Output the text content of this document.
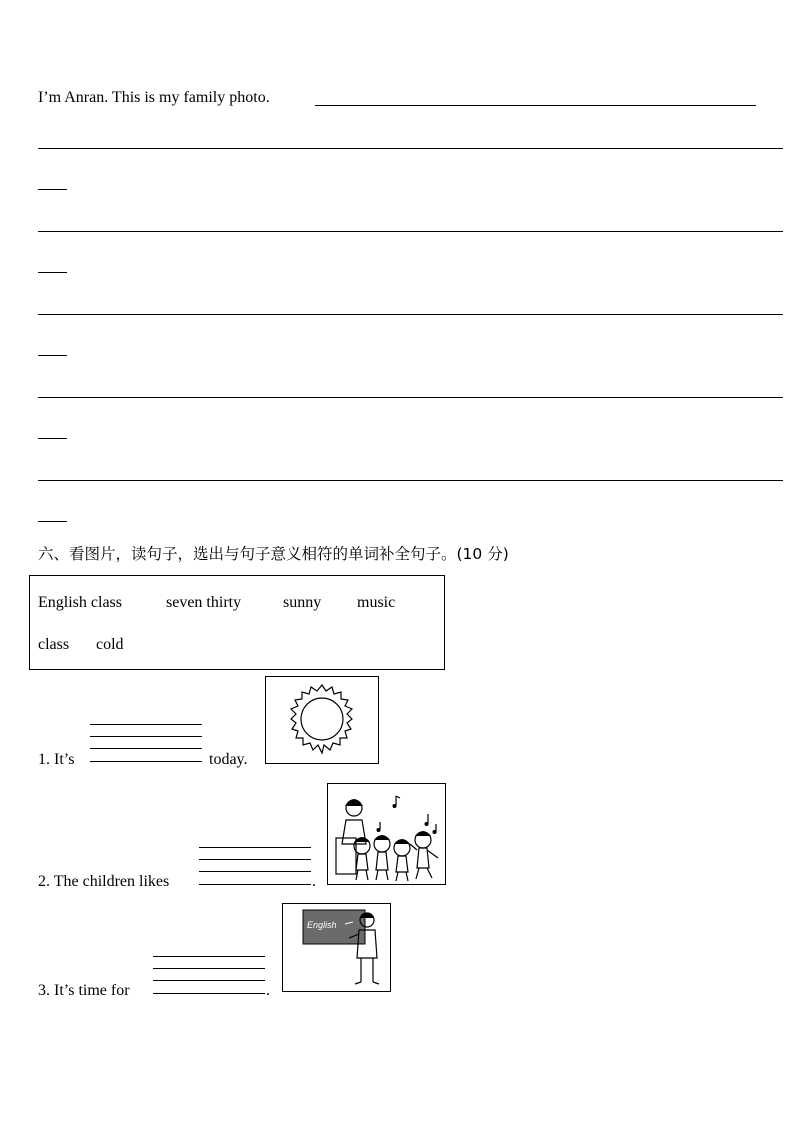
I’m Anran. This is my family photo.
六、看图片，读句子，选出与句子意义相符的单词补全句子。(10 分)
English class	seven thirty	sunny music
class cold
1. It’s	today.
2. The children likes	.
3. It’s time for	.
English
